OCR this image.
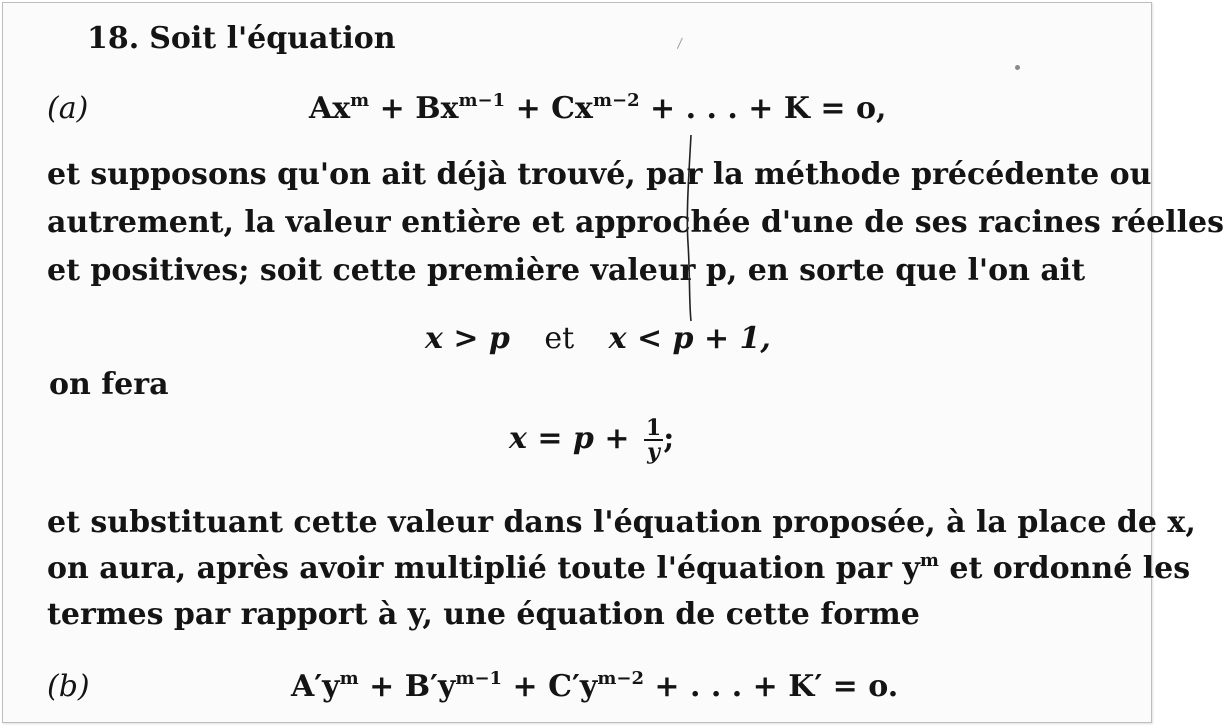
18. Soit l'équation
(a)	$Ax^m + Bx^{m-1} + Cx^{m-2}$ + . . . + K = o,
et supposons qu'on ait déjà trouvé, par la méthode précédente ou
autrement, la valeur entière et approchée d'une de ses racines réelles
et positives; soit cette première valeur p, en sorte que l'on ait
x > p et x < p + 1,
on fera
$x = p + \frac{1}{y}$ ;
et substituant cette valeur dans l'équation proposée, à la place de x,
on aura, après avoir multiplié toute l'équation par $y^m$ et ordonné les
termes par rapport à y, une équation de cette forme
(b)	$A'y^m + B'y^{m-1} + C'y^{m-2}$ + . . . + K′ = o.
